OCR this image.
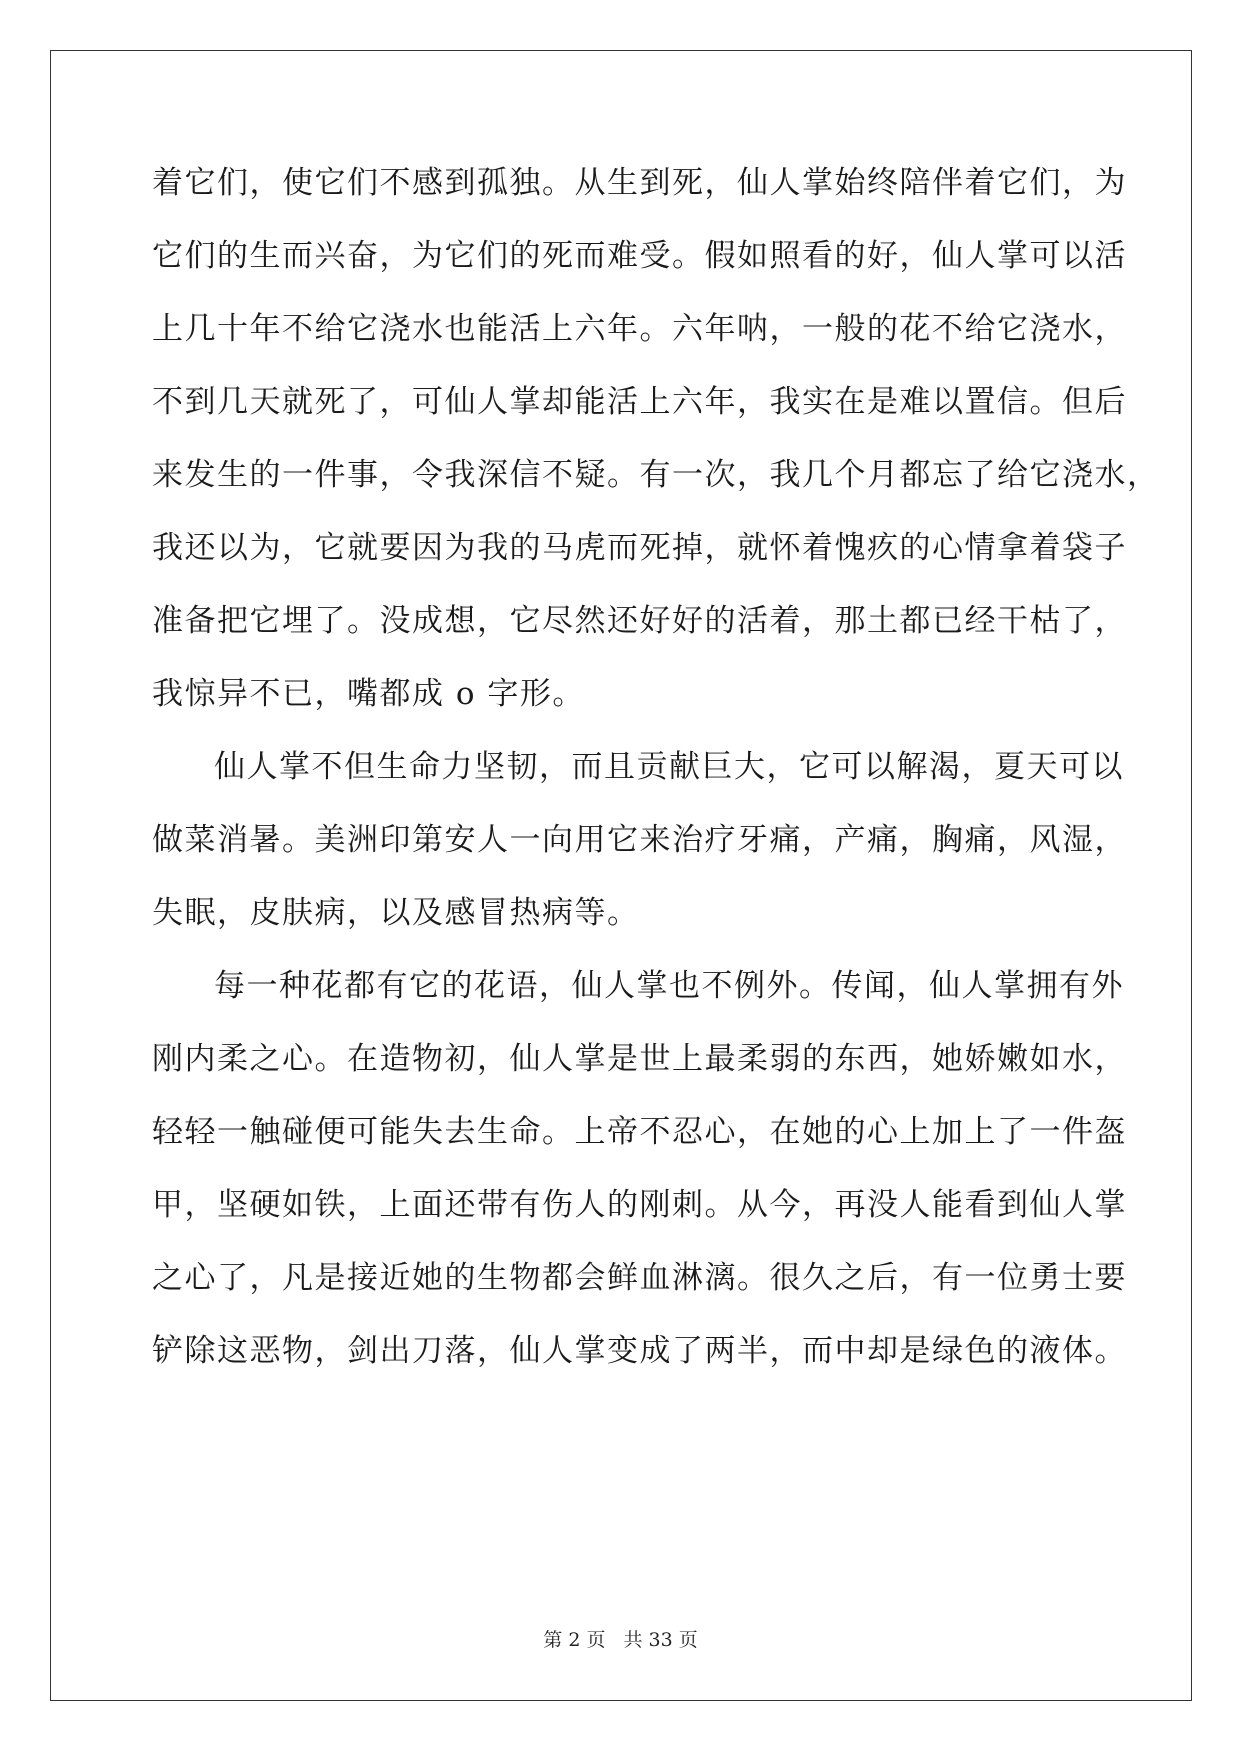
着它们，使它们不感到孤独。从生到死，仙人掌始终陪伴着它们，为
它们的生而兴奋，为它们的死而难受。假如照看的好，仙人掌可以活
上几十年不给它浇水也能活上六年。六年呐，一般的花不给它浇水，
不到几天就死了，可仙人掌却能活上六年，我实在是难以置信。但后
来发生的一件事，令我深信不疑。有一次，我几个月都忘了给它浇水，
我还以为，它就要因为我的马虎而死掉，就怀着愧疚的心情拿着袋子
准备把它埋了。没成想，它尽然还好好的活着，那土都已经干枯了，
我惊异不已，嘴都成 o 字形。
仙人掌不但生命力坚韧，而且贡献巨大，它可以解渴，夏天可以
做菜消暑。美洲印第安人一向用它来治疗牙痛，产痛，胸痛，风湿，
失眠，皮肤病，以及感冒热病等。
每一种花都有它的花语，仙人掌也不例外。传闻，仙人掌拥有外
刚内柔之心。在造物初，仙人掌是世上最柔弱的东西，她娇嫩如水，
轻轻一触碰便可能失去生命。上帝不忍心，在她的心上加上了一件盔
甲，坚硬如铁，上面还带有伤人的刚刺。从今，再没人能看到仙人掌
之心了，凡是接近她的生物都会鲜血淋漓。很久之后，有一位勇士要
铲除这恶物，剑出刀落，仙人掌变成了两半，而中却是绿色的液体。
第 2 页 共 33 页
